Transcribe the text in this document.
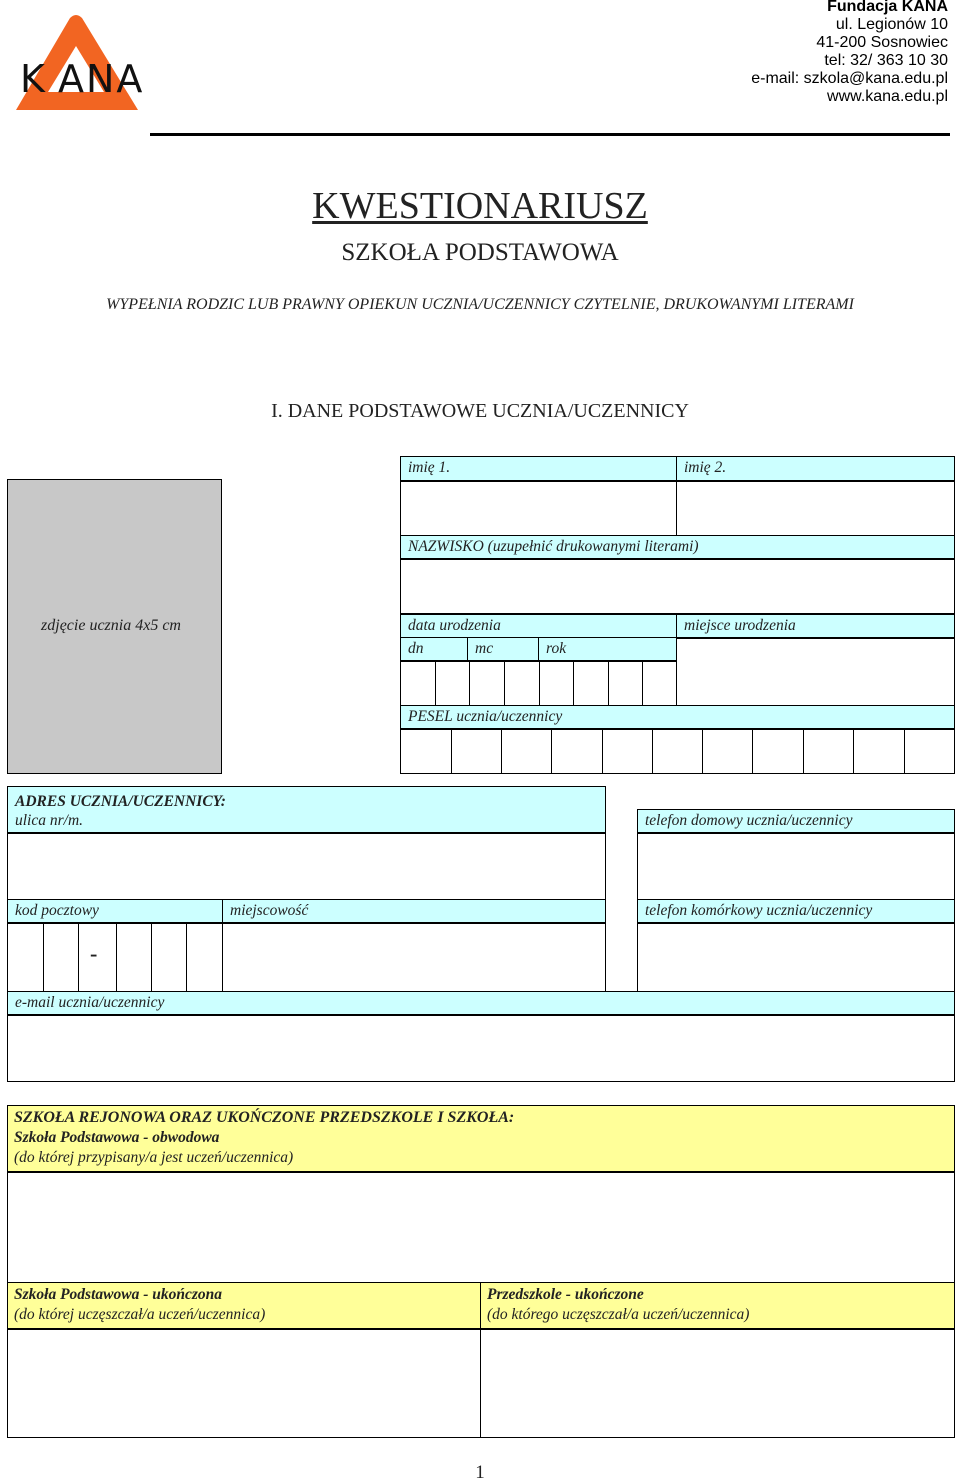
K ANA
Fundacja KANA
ul. Legionów 10
41-200 Sosnowiec
tel: 32/ 363 10 30
e-mail: szkola@kana.edu.pl
www.kana.edu.pl
KWESTIONARIUSZ
SZKOŁA PODSTAWOWA
WYPEŁNIA RODZIC LUB PRAWNY OPIEKUN UCZNIA/UCZENNICY CZYTELNIE, DRUKOWANYMI LITERAMI
I. DANE PODSTAWOWE UCZNIA/UCZENNICY
zdjęcie ucznia 4x5 cm
imię 1.	imię 2.
NAZWISKO (uzupełnić drukowanymi literami)
data urodzenia	miejsce urodzenia
dn	mc	rok
PESEL ucznia/uczennicy
ADRES UCZNIA/UCZENNICY:
ulica nr/m.	telefon domowy ucznia/uczennicy
kod pocztowy	miejscowość	telefon komórkowy ucznia/uczennicy
-
e-mail ucznia/uczennicy
SZKOŁA REJONOWA ORAZ UKOŃCZONE PRZEDSZKOLE I SZKOŁA:
Szkoła Podstawowa - obwodowa
(do której przypisany/a jest uczeń/uczennica)
Szkoła Podstawowa - ukończona
(do której uczęszczał/a uczeń/uczennica)
Przedszkole - ukończone
(do którego uczęszczał/a uczeń/uczennica)
1
